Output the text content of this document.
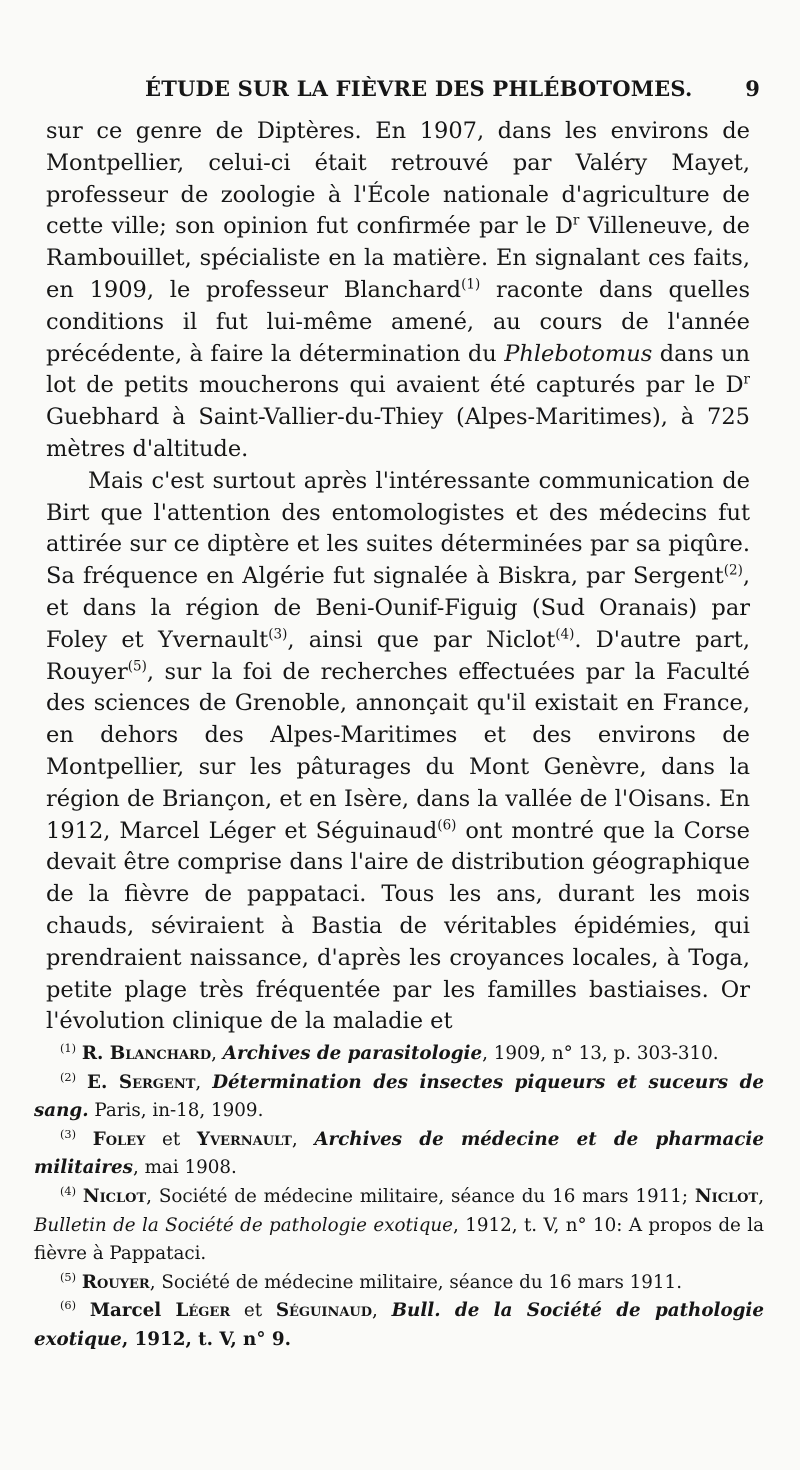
ÉTUDE SUR LA FIÈVRE DES PHLÉBOTOMES.	9

sur ce genre de Diptères. En 1907, dans les environs de Montpellier, celui-ci était retrouvé par Valéry Mayet, professeur de zoologie à l'École nationale d'agriculture de cette ville; son opinion fut confirmée par le $D^r$ Villeneuve, de Rambouillet, spécialiste en la matière. En signalant ces faits, en 1909, le professeur Blanchard$^{(1)}$ raconte dans quelles conditions il fut lui-même amené, au cours de l'année précédente, à faire la détermination du Phlebotomus dans un lot de petits moucherons qui avaient été capturés par le $D^r$ Guebhard à Saint-Vallier-du-Thiey (Alpes-Maritimes), à 725 mètres d'altitude.

Mais c'est surtout après l'intéressante communication de Birt que l'attention des entomologistes et des médecins fut attirée sur ce diptère et les suites déterminées par sa piqûre. Sa fréquence en Algérie fut signalée à Biskra, par Sergent$^{(2)}$, et dans la région de Beni-Ounif-Figuig (Sud Oranais) par Foley et Yvernault$^{(3)}$, ainsi que par Niclot$^{(4)}$. D'autre part, Rouyer$^{(5)}$, sur la foi de recherches effectuées par la Faculté des sciences de Grenoble, annonçait qu'il existait en France, en dehors des Alpes-Maritimes et des environs de Montpellier, sur les pâturages du Mont Genèvre, dans la région de Briançon, et en Isère, dans la vallée de l'Oisans. En 1912, Marcel Léger et Séguinaud$^{(6)}$ ont montré que la Corse devait être comprise dans l'aire de distribution géographique de la fièvre de pappataci. Tous les ans, durant les mois chauds, séviraient à Bastia de véritables épidémies, qui prendraient naissance, d'après les croyances locales, à Toga, petite plage très fréquentée par les familles bastiaises. Or l'évolution clinique de la maladie et

$^{(1)}$ R. Blanchard, Archives de parasitologie, 1909, n° 13, p. 303-310.

$^{(2)}$ E. Sergent, Détermination des insectes piqueurs et suceurs de sang. Paris, in-18, 1909.

$^{(3)}$ Foley et Yvernault, Archives de médecine et de pharmacie militaires, mai 1908.

$^{(4)}$ Niclot, Société de médecine militaire, séance du 16 mars 1911; Niclot, Bulletin de la Société de pathologie exotique, 1912, t. V, n° 10: A propos de la fièvre à Pappataci.

$^{(5)}$ Rouyer, Société de médecine militaire, séance du 16 mars 1911.

$^{(6)}$ Marcel Léger et Séguinaud, Bull. de la Société de pathologie exotique, 1912, t. V, n° 9.
